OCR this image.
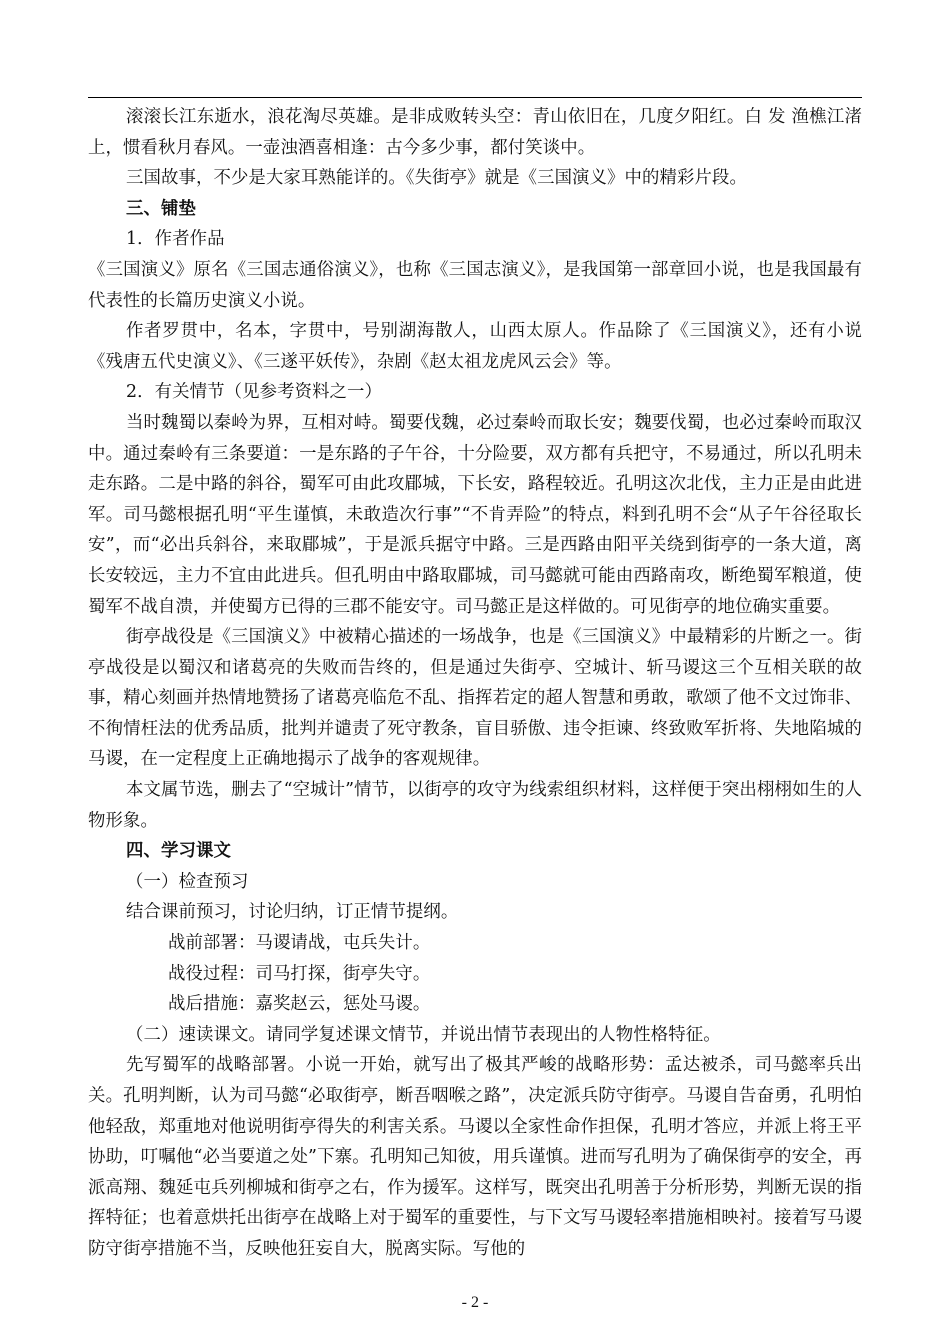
滚滚长江东逝水，浪花淘尽英雄。是非成败转头空：青山依旧在，几度夕阳红。白 发 渔樵江渚上，惯看秋月春风。一壶浊酒喜相逢：古今多少事，都付笑谈中。

三国故事，不少是大家耳熟能详的。《失街亭》就是《三国演义》中的精彩片段。

三、铺垫

1．作者作品

《三国演义》原名《三国志通俗演义》，也称《三国志演义》，是我国第一部章回小说，也是我国最有代表性的长篇历史演义小说。

作者罗贯中，名本，字贯中，号别湖海散人，山西太原人。作品除了《三国演义》，还有小说《残唐五代史演义》、《三遂平妖传》，杂剧《赵太祖龙虎风云会》等。

2．有关情节（见参考资料之一）

当时魏蜀以秦岭为界，互相对峙。蜀要伐魏，必过秦岭而取长安；魏要伐蜀，也必过秦岭而取汉中。通过秦岭有三条要道：一是东路的子午谷，十分险要，双方都有兵把守，不易通过，所以孔明未走东路。二是中路的斜谷，蜀军可由此攻郿城，下长安，路程较近。孔明这次北伐，主力正是由此进军。司马懿根据孔明“平生谨慎，未敢造次行事”“不肯弄险”的特点，料到孔明不会“从子午谷径取长安”，而“必出兵斜谷，来取郿城”，于是派兵据守中路。三是西路由阳平关绕到街亭的一条大道，离长安较远，主力不宜由此进兵。但孔明由中路取郿城，司马懿就可能由西路南攻，断绝蜀军粮道，使蜀军不战自溃，并使蜀方已得的三郡不能安守。司马懿正是这样做的。可见街亭的地位确实重要。

街亭战役是《三国演义》中被精心描述的一场战争，也是《三国演义》中最精彩的片断之一。街亭战役是以蜀汉和诸葛亮的失败而告终的，但是通过失街亭、空城计、斩马谡这三个互相关联的故事，精心刻画并热情地赞扬了诸葛亮临危不乱、指挥若定的超人智慧和勇敢，歌颂了他不文过饰非、不徇情枉法的优秀品质，批判并谴责了死守教条，盲目骄傲、违令拒谏、终致败军折将、失地陷城的马谡，在一定程度上正确地揭示了战争的客观规律。

本文属节选，删去了“空城计”情节，以街亭的攻守为线索组织材料，这样便于突出栩栩如生的人物形象。

四、学习课文

（一）检查预习

结合课前预习，讨论归纳，订正情节提纲。

战前部署：马谡请战，屯兵失计。

战役过程：司马打探，街亭失守。

战后措施：嘉奖赵云，惩处马谡。

（二）速读课文。请同学复述课文情节，并说出情节表现出的人物性格特征。

先写蜀军的战略部署。小说一开始，就写出了极其严峻的战略形势：孟达被杀，司马懿率兵出关。孔明判断，认为司马懿“必取街亭，断吾咽喉之路”，决定派兵防守街亭。马谡自告奋勇，孔明怕他轻敌，郑重地对他说明街亭得失的利害关系。马谡以全家性命作担保，孔明才答应，并派上将王平协助，叮嘱他“必当要道之处”下寨。孔明知己知彼，用兵谨慎。进而写孔明为了确保街亭的安全，再派高翔、魏延屯兵列柳城和街亭之右，作为援军。这样写，既突出孔明善于分析形势，判断无误的指挥特征；也着意烘托出街亭在战略上对于蜀军的重要性，与下文写马谡轻率措施相映衬。接着写马谡防守街亭措施不当，反映他狂妄自大，脱离实际。写他的

- 2 -
